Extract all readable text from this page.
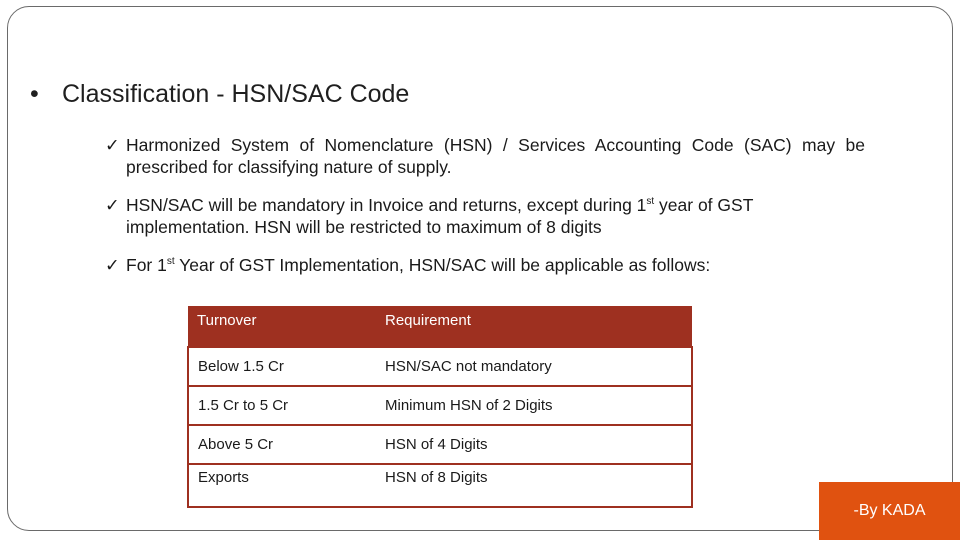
• Classification - HSN/SAC Code
✓ Harmonized System of Nomenclature (HSN) / Services Accounting Code (SAC) may be prescribed for classifying nature of supply.
✓ HSN/SAC will be mandatory in Invoice and returns, except during 1st year of GST implementation. HSN will be restricted to maximum of 8 digits
✓ For 1st Year of GST Implementation, HSN/SAC will be applicable as follows:
Turnover	Requirement
Below 1.5 Cr	HSN/SAC not mandatory
1.5 Cr to 5 Cr	Minimum HSN of 2 Digits
Above 5 Cr	HSN of 4 Digits
Exports	HSN of 8 Digits
-By KADA
